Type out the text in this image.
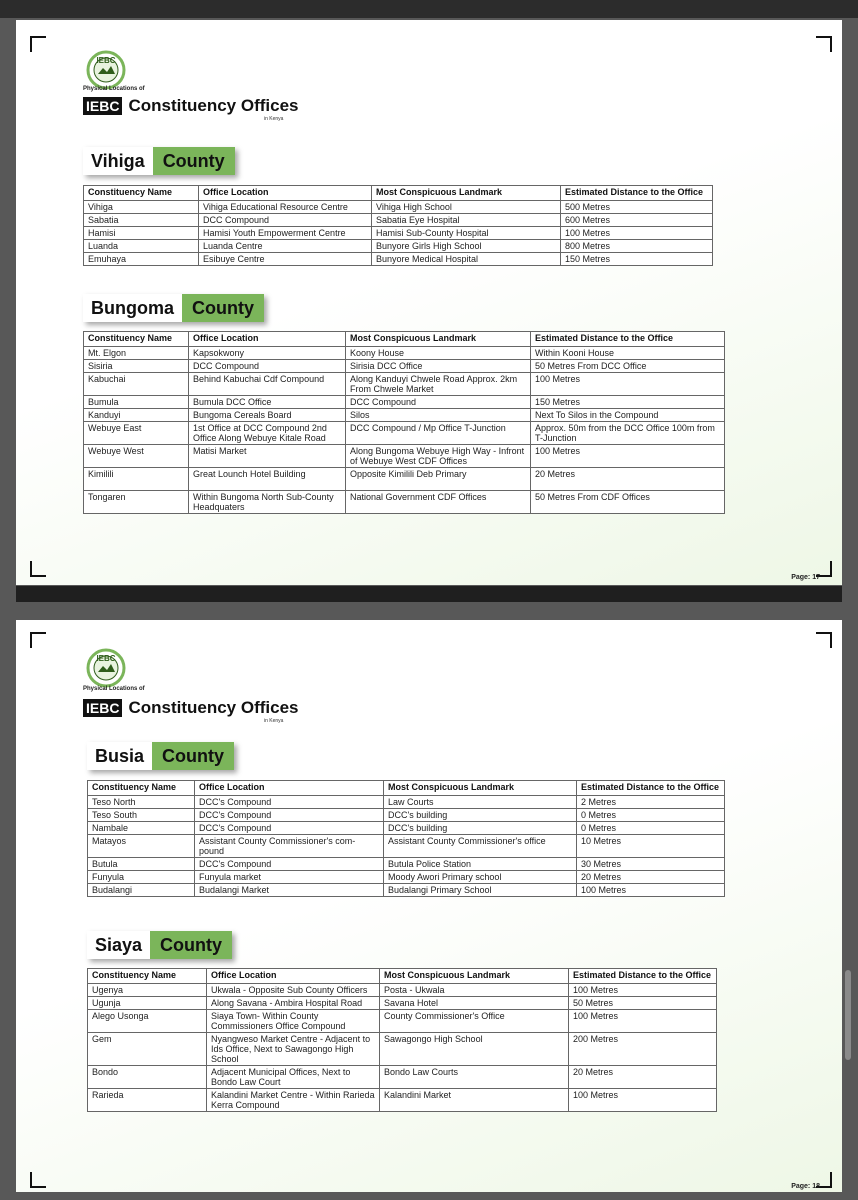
IEBC
Physical Locations of
IEBC Constituency Offices
in Kenya
Vihiga	County
Constituency Name	Office Location	Most Conspicuous Landmark	Estimated Distance to the Office
Vihiga	Vihiga Educational Resource Centre	Vihiga High School	500 Metres
Sabatia	DCC Compound	Sabatia Eye Hospital	600 Metres
Hamisi	Hamisi Youth Empowerment Centre	Hamisi Sub-County Hospital	100 Metres
Luanda	Luanda Centre	Bunyore Girls High School	800 Metres
Emuhaya	Esibuye Centre	Bunyore Medical Hospital	150 Metres
Bungoma	County
Constituency Name	Office Location	Most Conspicuous Landmark	Estimated Distance to the Office
Mt. Elgon	Kapsokwony	Koony House	Within Kooni House
Sisiria	DCC Compound	Sirisia DCC Office	50 Metres From DCC Office
Kabuchai	Behind Kabuchai Cdf Compound	Along Kanduyi Chwele Road Approx. 2km From Chwele Market	100 Metres
Bumula	Bumula DCC Office	DCC Compound	150 Metres
Kanduyi	Bungoma Cereals Board	Silos	Next To Silos in the Compound
Webuye East	1st Office at DCC Compound 2nd Office Along Webuye Kitale Road	DCC Compound / Mp Office T-Junction	Approx. 50m from the DCC Office 100m from T-Junction
Webuye West	Matisi Market	Along Bungoma Webuye High Way - Infront of Webuye West CDF Offices	100 Metres
Kimilili	Great Lounch Hotel Building	Opposite Kimilili Deb Primary	20 Metres
Tongaren	Within Bungoma North Sub-County Headquaters	National Government CDF Offices	50 Metres From CDF Offices
Page: 17
IEBC
Physical Locations of
IEBC Constituency Offices
in Kenya
Busia	County
Constituency Name	Office Location	Most Conspicuous Landmark	Estimated Distance to the Office
Teso North	DCC's Compound	Law Courts	2 Metres
Teso South	DCC's Compound	DCC's building	0 Metres
Nambale	DCC's Compound	DCC's building	0 Metres
Matayos	Assistant County Commissioner's com-pound	Assistant County Commissioner's office	10 Metres
Butula	DCC's Compound	Butula Police Station	30 Metres
Funyula	Funyula market	Moody Awori Primary school	20 Metres
Budalangi	Budalangi Market	Budalangi Primary School	100 Metres
Siaya	County
Constituency Name	Office Location	Most Conspicuous Landmark	Estimated Distance to the Office
Ugenya	Ukwala - Opposite Sub County Officers	Posta - Ukwala	100 Metres
Ugunja	Along Savana - Ambira Hospital Road	Savana Hotel	50 Metres
Alego Usonga	Siaya Town- Within County Commissioners Office Compound	County Commissioner's Office	100 Metres
Gem	Nyangweso Market Centre - Adjacent to Ids Office, Next to Sawagongo High School	Sawagongo High School	200 Metres
Bondo	Adjacent Municipal Offices, Next to Bondo Law Court	Bondo Law Courts	20 Metres
Rarieda	Kalandini Market Centre - Within Rarieda Kerra Compound	Kalandini Market	100 Metres
Page: 18
